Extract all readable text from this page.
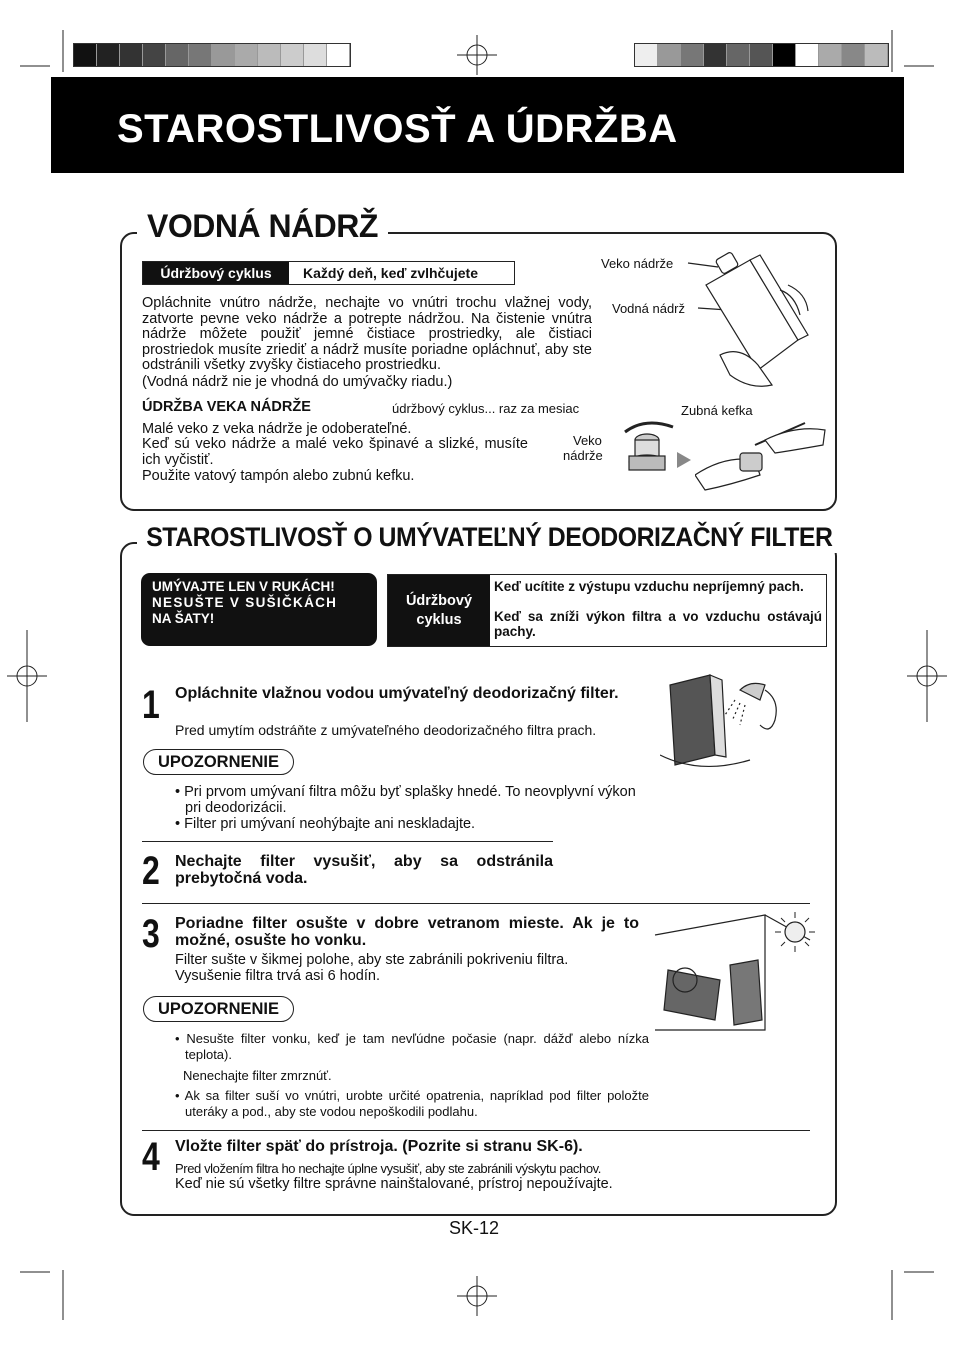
STAROSTLIVOSŤ A ÚDRŽBA
VODNÁ NÁDRŽ
Údržbový cyklus	Každý deň, keď zvlhčujete
Opláchnite vnútro nádrže, nechajte vo vnútri trochu vlažnej vody, zatvorte pevne veko nádrže a potrepte nádržou. Na čistenie vnútra nádrže môžete použiť jemné čistiace prostriedky, ale čistiaci prostriedok musíte zriediť a nádrž musíte poriadne opláchnuť, aby ste odstránili všetky zvyšky čistiaceho prostriedku.
(Vodná nádrž nie je vhodná do umývačky riadu.)
ÚDRŽBA VEKA NÁDRŽE	údržbový cyklus... raz za mesiac
Malé veko z veka nádrže je odoberateľné.
Keď sú veko nádrže a malé veko špinavé a slizké, musíte ich vyčistiť.
Použite vatový tampón alebo zubnú kefku.
Veko nádrže
Vodná nádrž
Zubná kefka
Veko
nádrže
STAROSTLIVOSŤ O UMÝVATEĽNÝ DEODORIZAČNÝ FILTER
UMÝVAJTE LEN V RUKÁCH!
NESUŠTE V SUŠIČKÁCH
NA ŠATY!
Údržbový
cyklus
Keď ucítite z výstupu vzduchu nepríjemný pach.
Keď sa zníži výkon filtra a vo vzduchu ostávajú pachy.
1 Opláchnite vlažnou vodou umývateľný deodorizačný filter.
Pred umytím odstráňte z umývateľného deodorizačného filtra prach.
UPOZORNENIE
• Pri prvom umývaní filtra môžu byť splašky hnedé. To neovplyvní výkon pri deodorizácii.
• Filter pri umývaní neohýbajte ani neskladajte.
2 Nechajte filter vysušiť, aby sa odstránila prebytočná voda.
3 Poriadne filter osušte v dobre vetranom mieste. Ak je to možné, osušte ho vonku.
Filter sušte v šikmej polohe, aby ste zabránili pokriveniu filtra.
Vysušenie filtra trvá asi 6 hodín.
UPOZORNENIE
• Nesušte filter vonku, keď je tam nevľúdne počasie (napr. dážď alebo nízka teplota).
Nenechajte filter zmrznúť.
• Ak sa filter suší vo vnútri, urobte určité opatrenia, napríklad pod filter položte uteráky a pod., aby ste vodou nepoškodili podlahu.
4 Vložte filter späť do prístroja. (Pozrite si stranu SK-6).
Pred vložením filtra ho nechajte úplne vysušiť, aby ste zabránili výskytu pachov.
Keď nie sú všetky filtre správne nainštalované, prístroj nepoužívajte.
SK-12
